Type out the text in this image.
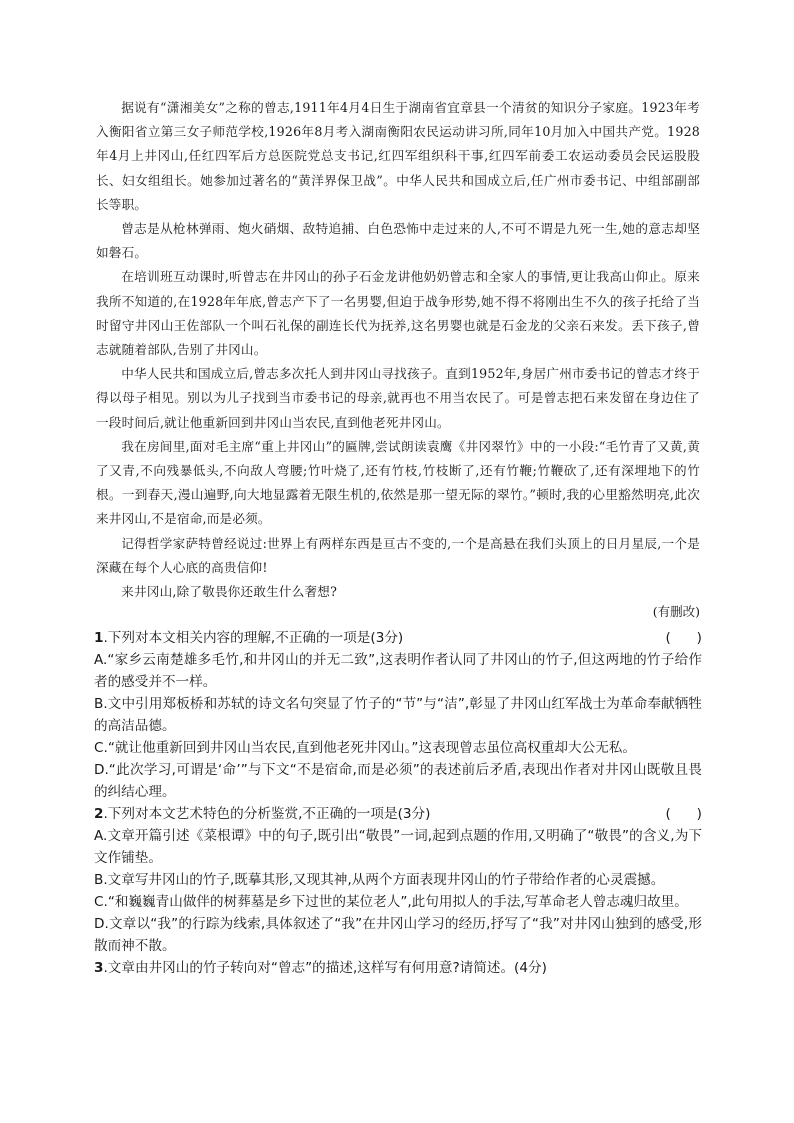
据说有“潇湘美女”之称的曾志,1911年4月4日生于湖南省宜章县一个清贫的知识分子家庭。1923年考入衡阳省立第三女子师范学校,1926年8月考入湖南衡阳农民运动讲习所,同年10月加入中国共产党。1928年4月上井冈山,任红四军后方总医院党总支书记,红四军组织科干事,红四军前委工农运动委员会民运股股长、妇女组组长。她参加过著名的“黄洋界保卫战”。中华人民共和国成立后,任广州市委书记、中组部副部长等职。

曾志是从枪林弹雨、炮火硝烟、敌特追捕、白色恐怖中走过来的人,不可不谓是九死一生,她的意志却坚如磐石。

在培训班互动课时,听曾志在井冈山的孙子石金龙讲他奶奶曾志和全家人的事情,更让我高山仰止。原来我所不知道的,在1928年年底,曾志产下了一名男婴,但迫于战争形势,她不得不将刚出生不久的孩子托给了当时留守井冈山王佐部队一个叫石礼保的副连长代为抚养,这名男婴也就是石金龙的父亲石来发。丢下孩子,曾志就随着部队,告别了井冈山。

中华人民共和国成立后,曾志多次托人到井冈山寻找孩子。直到1952年,身居广州市委书记的曾志才终于得以母子相见。别以为儿子找到当市委书记的母亲,就再也不用当农民了。可是曾志把石来发留在身边住了一段时间后,就让他重新回到井冈山当农民,直到他老死井冈山。

我在房间里,面对毛主席“重上井冈山”的匾牌,尝试朗读袁鹰《井冈翠竹》中的一小段:“毛竹青了又黄,黄了又青,不向残暴低头,不向敌人弯腰;竹叶烧了,还有竹枝,竹枝断了,还有竹鞭;竹鞭砍了,还有深埋地下的竹根。一到春天,漫山遍野,向大地显露着无限生机的,依然是那一望无际的翠竹。”顿时,我的心里豁然明亮,此次来井冈山,不是宿命,而是必须。

记得哲学家萨特曾经说过:世界上有两样东西是亘古不变的,一个是高悬在我们头顶上的日月星辰,一个是深藏在每个人心底的高贵信仰!

来井冈山,除了敬畏你还敢生什么奢想?

(有删改)
1.下列对本文相关内容的理解,不正确的一项是(3分)	(      )

A.“家乡云南楚雄多毛竹,和井冈山的并无二致”,这表明作者认同了井冈山的竹子,但这两地的竹子给作者的感受并不一样。

B.文中引用郑板桥和苏轼的诗文名句突显了竹子的“节”与“洁”,彰显了井冈山红军战士为革命奉献牺牲的高洁品德。

C.“就让他重新回到井冈山当农民,直到他老死井冈山。”这表现曾志虽位高权重却大公无私。

D.“此次学习,可谓是‘命’”与下文“不是宿命,而是必须”的表述前后矛盾,表现出作者对井冈山既敬且畏的纠结心理。

2.下列对本文艺术特色的分析鉴赏,不正确的一项是(3分)	(      )

A.文章开篇引述《菜根谭》中的句子,既引出“敬畏”一词,起到点题的作用,又明确了“敬畏”的含义,为下文作铺垫。

B.文章写井冈山的竹子,既摹其形,又现其神,从两个方面表现井冈山的竹子带给作者的心灵震撼。

C.“和巍巍青山做伴的树葬墓是乡下过世的某位老人”,此句用拟人的手法,写革命老人曾志魂归故里。

D.文章以“我”的行踪为线索,具体叙述了“我”在井冈山学习的经历,抒写了“我”对井冈山独到的感受,形散而神不散。

3.文章由井冈山的竹子转向对“曾志”的描述,这样写有何用意?请简述。(4分)
